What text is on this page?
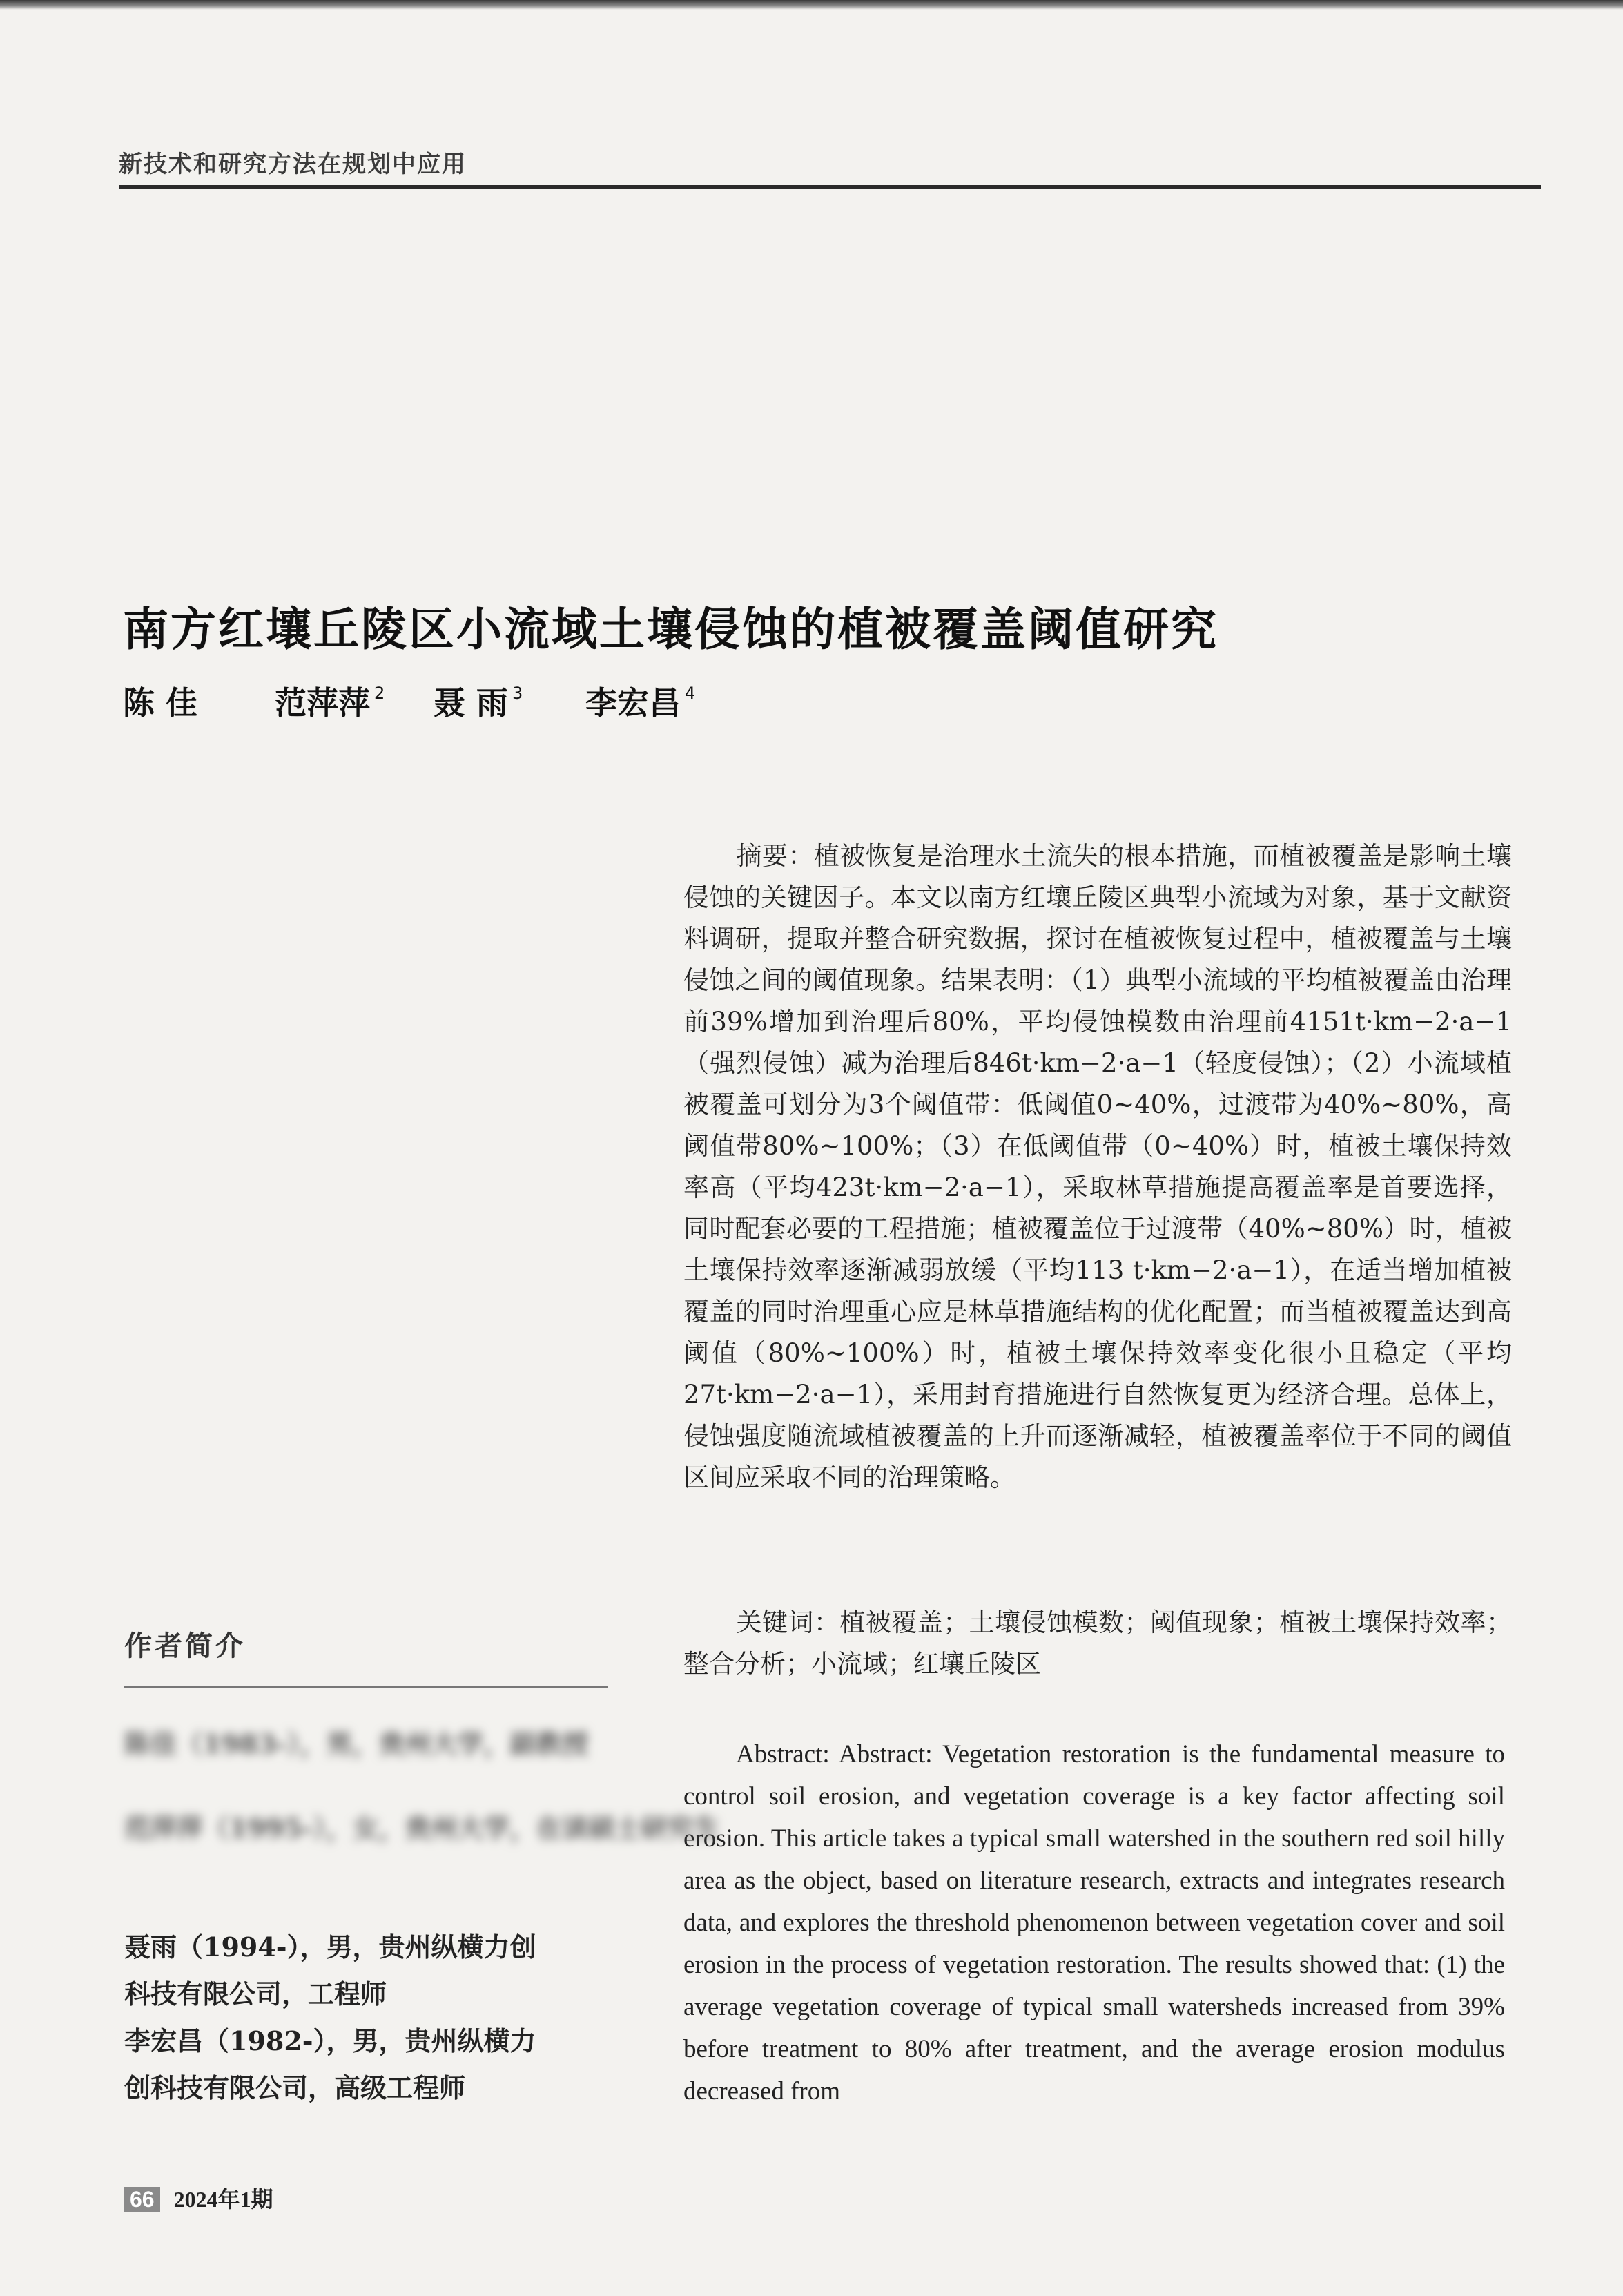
新技术和研究方法在规划中应用
南方红壤丘陵区小流域土壤侵蚀的植被覆盖阈值研究
陈 佳 范萍萍 $^2$ 聂 雨 $^3$ 李宏昌 $^4$
摘要：植被恢复是治理水土流失的根本措施，而植被覆盖是影响土壤侵蚀的关键因子。本文以南方红壤丘陵区典型小流域为对象，基于文献资料调研，提取并整合研究数据，探讨在植被恢复过程中，植被覆盖与土壤侵蚀之间的阈值现象。结果表明：（1）典型小流域的平均植被覆盖由治理前39%增加到治理后80%，平均侵蚀模数由治理前4151t·km−2·a−1（强烈侵蚀）减为治理后846t·km−2·a−1（轻度侵蚀）；（2）小流域植被覆盖可划分为3个阈值带：低阈值0~40%，过渡带为40%~80%，高阈值带80%~100%；（3）在低阈值带（0~40%）时，植被土壤保持效率高（平均423t·km−2·a−1），采取林草措施提高覆盖率是首要选择，同时配套必要的工程措施；植被覆盖位于过渡带（40%~80%）时，植被土壤保持效率逐渐减弱放缓（平均113 t·km−2·a−1），在适当增加植被覆盖的同时治理重心应是林草措施结构的优化配置；而当植被覆盖达到高阈值（80%~100%）时，植被土壤保持效率变化很小且稳定（平均27t·km−2·a−1），采用封育措施进行自然恢复更为经济合理。总体上，侵蚀强度随流域植被覆盖的上升而逐渐减轻，植被覆盖率位于不同的阈值区间应采取不同的治理策略。
关键词：植被覆盖；土壤侵蚀模数；阈值现象；植被土壤保持效率；整合分析；小流域；红壤丘陵区
Abstract: Abstract: Vegetation restoration is the fundamental measure to control soil erosion, and vegetation coverage is a key factor affecting soil erosion. This article takes a typical small watershed in the southern red soil hilly area as the object, based on literature research, extracts and integrates research data, and explores the threshold phenomenon between vegetation cover and soil erosion in the process of vegetation restoration. The results showed that: (1) the average vegetation coverage of typical small watersheds increased from 39% before treatment to 80% after treatment, and the average erosion modulus decreased from
作者简介
陈佳（1983-），男，贵州大学，副教授
范萍萍（1995-），女，贵州大学，在读硕士研究生
聂雨（1994-），男，贵州纵横力创
科技有限公司，工程师
李宏昌（1982-），男，贵州纵横力
创科技有限公司，高级工程师
66 2024年1期
